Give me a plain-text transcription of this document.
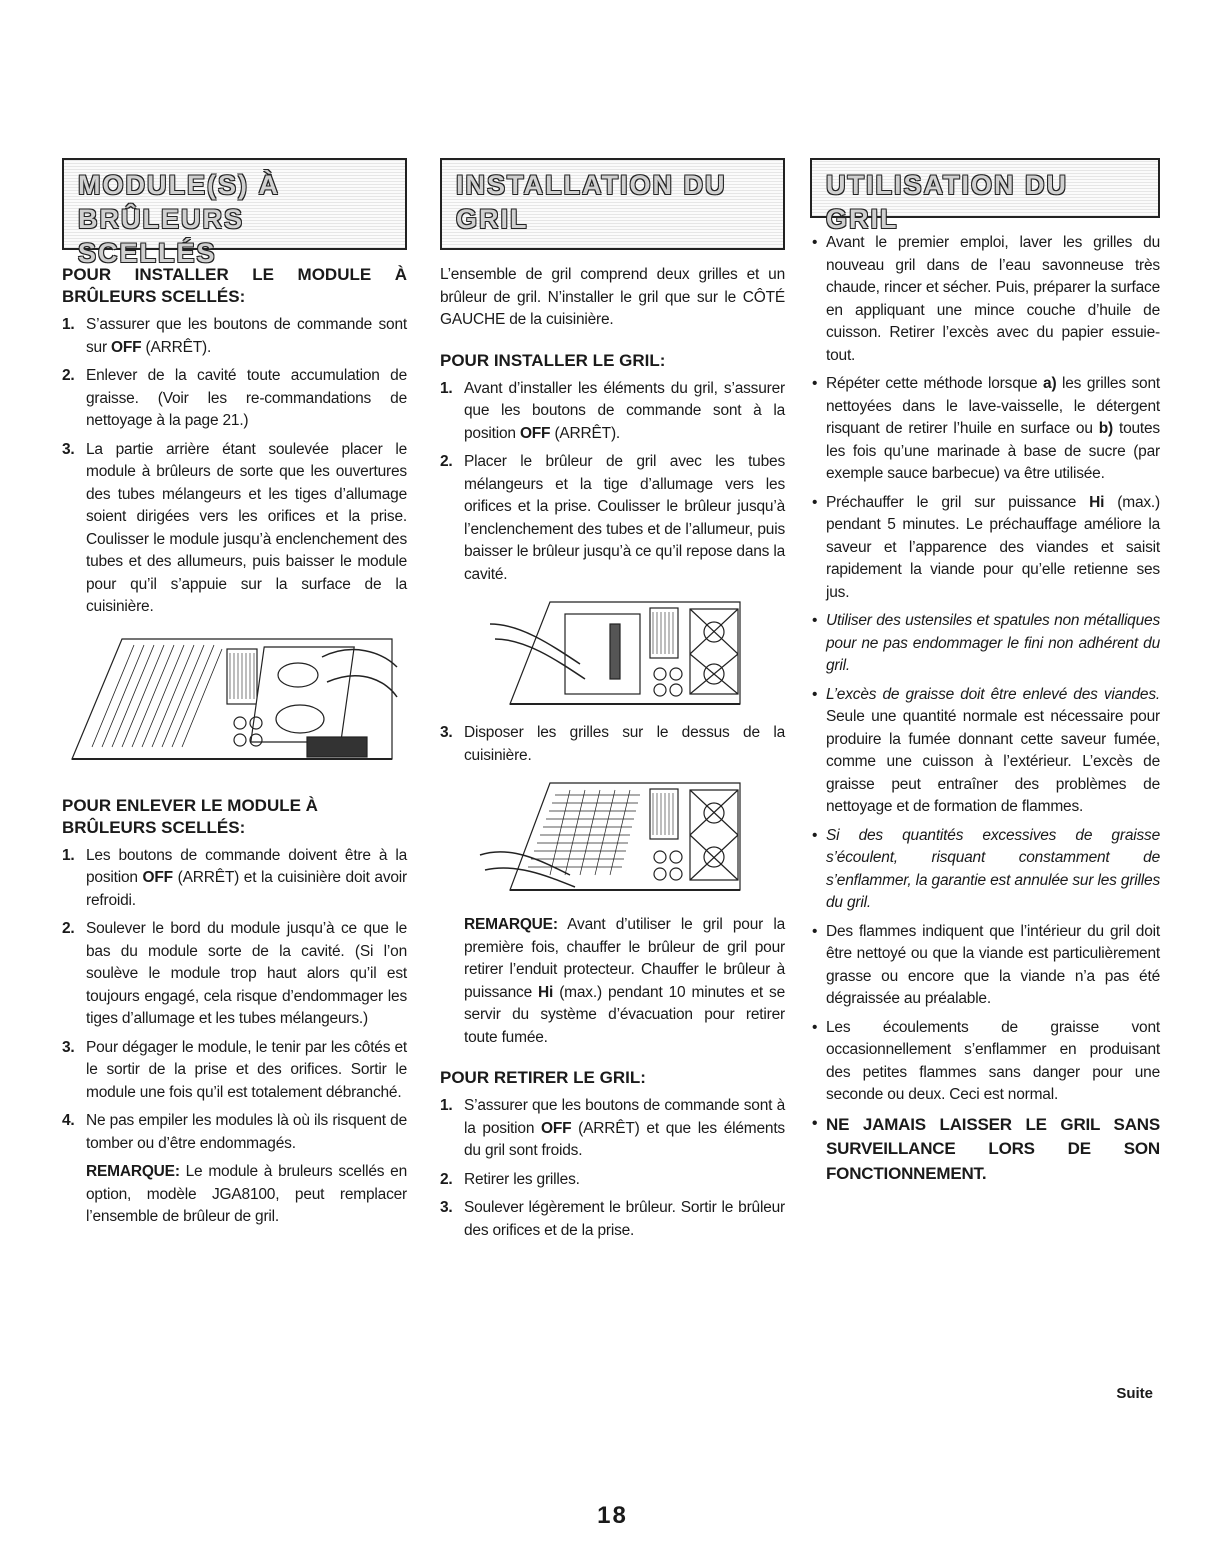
MODULE(S) À
BRÛLEURS SCELLÉS
POUR INSTALLER LE MODULE À BRÛLEURS SCELLÉS:
1. S’assurer que les boutons de commande sont sur OFF (ARRÊT).
2. Enlever de la cavité toute accumulation de graisse. (Voir les re-commandations de nettoyage à la page 21.)
3. La partie arrière étant soulevée placer le module à brûleurs de sorte que les ouvertures des tubes mélangeurs et les tiges d’allumage soient dirigées vers les orifices et la prise. Coulisser le module jusqu’à enclenchement des tubes et des allumeurs, puis baisser le module pour qu’il s’appuie sur la surface de la cuisinière.
POUR ENLEVER LE MODULE À BRÛLEURS SCELLÉS:
1. Les boutons de commande doivent être à la position OFF (ARRÊT) et la cuisinière doit avoir refroidi.
2. Soulever le bord du module jusqu’à ce que le bas du module sorte de la cavité. (Si l’on soulève le module trop haut alors qu’il est toujours engagé, cela risque d’endommager les tiges d’allumage et les tubes mélangeurs.)
3. Pour dégager le module, le tenir par les côtés et le sortir de la prise et des orifices. Sortir le module une fois qu’il est totalement débranché.
4. Ne pas empiler les modules là où ils risquent de tomber ou d’être endommagés.
REMARQUE: Le module à bruleurs scellés en option, modèle JGA8100, peut remplacer l’ensemble de brûleur de gril.
INSTALLATION DU
GRIL

L’ensemble de gril comprend deux grilles et un brûleur de gril. N’installer le gril que sur le CÔTÉ GAUCHE de la cuisinière.

POUR INSTALLER LE GRIL:
1. Avant d’installer les éléments du gril, s’assurer que les boutons de commande sont à la position OFF (ARRÊT).
2. Placer le brûleur de gril avec les tubes mélangeurs et la tige d’allumage vers les orifices et la prise. Coulisser le brûleur jusqu’à l’enclenchement des tubes et de l’allumeur, puis baisser le brûleur jusqu’à ce qu’il repose dans la cavité.
3. Disposer les grilles sur le dessus de la cuisinière.
REMARQUE: Avant d’utiliser le gril pour la première fois, chauffer le brûleur de gril pour retirer l’enduit protecteur. Chauffer le brûleur à puissance Hi (max.) pendant 10 minutes et se servir du système d’évacuation pour retirer toute fumée.
POUR RETIRER LE GRIL:
1. S’assurer que les boutons de commande sont à la position OFF (ARRÊT) et que les éléments du gril sont froids.
2. Retirer les grilles.
3. Soulever légèrement le brûleur. Sortir le brûleur des orifices et de la prise.
UTILISATION DU GRIL
• Avant le premier emploi, laver les grilles du nouveau gril dans de l’eau savonneuse très chaude, rincer et sécher. Puis, préparer la surface en appliquant une mince couche d’huile de cuisson. Retirer l’excès avec du papier essuie-tout.
• Répéter cette méthode lorsque a) les grilles sont nettoyées dans le lave-vaisselle, le détergent risquant de retirer l’huile en surface ou b) toutes les fois qu’une marinade à base de sucre (par exemple sauce barbecue) va être utilisée.
• Préchauffer le gril sur puissance Hi (max.) pendant 5 minutes. Le préchauffage améliore la saveur et l’apparence des viandes et saisit rapidement la viande pour qu’elle retienne ses jus.
• Utiliser des ustensiles et spatules non métalliques pour ne pas endommager le fini non adhérent du gril.
• L’excès de graisse doit être enlevé des viandes. Seule une quantité normale est nécessaire pour produire la fumée donnant cette saveur fumée, comme une cuisson à l’extérieur. L’excès de graisse peut entraîner des problèmes de nettoyage et de formation de flammes.
• Si des quantités excessives de graisse s’écoulent, risquant constamment de s’enflammer, la garantie est annulée sur les grilles du gril.
• Des flammes indiquent que l’intérieur du gril doit être nettoyé ou que la viande est particulièrement grasse ou encore que la viande n’a pas été dégraissée au préalable.
• Les écoulements de graisse vont occasionnellement s’enflammer en produisant des petites flammes sans danger pour une seconde ou deux. Ceci est normal.
• NE JAMAIS LAISSER LE GRIL SANS SURVEILLANCE LORS DE SON FONCTIONNEMENT.
Suite
18
